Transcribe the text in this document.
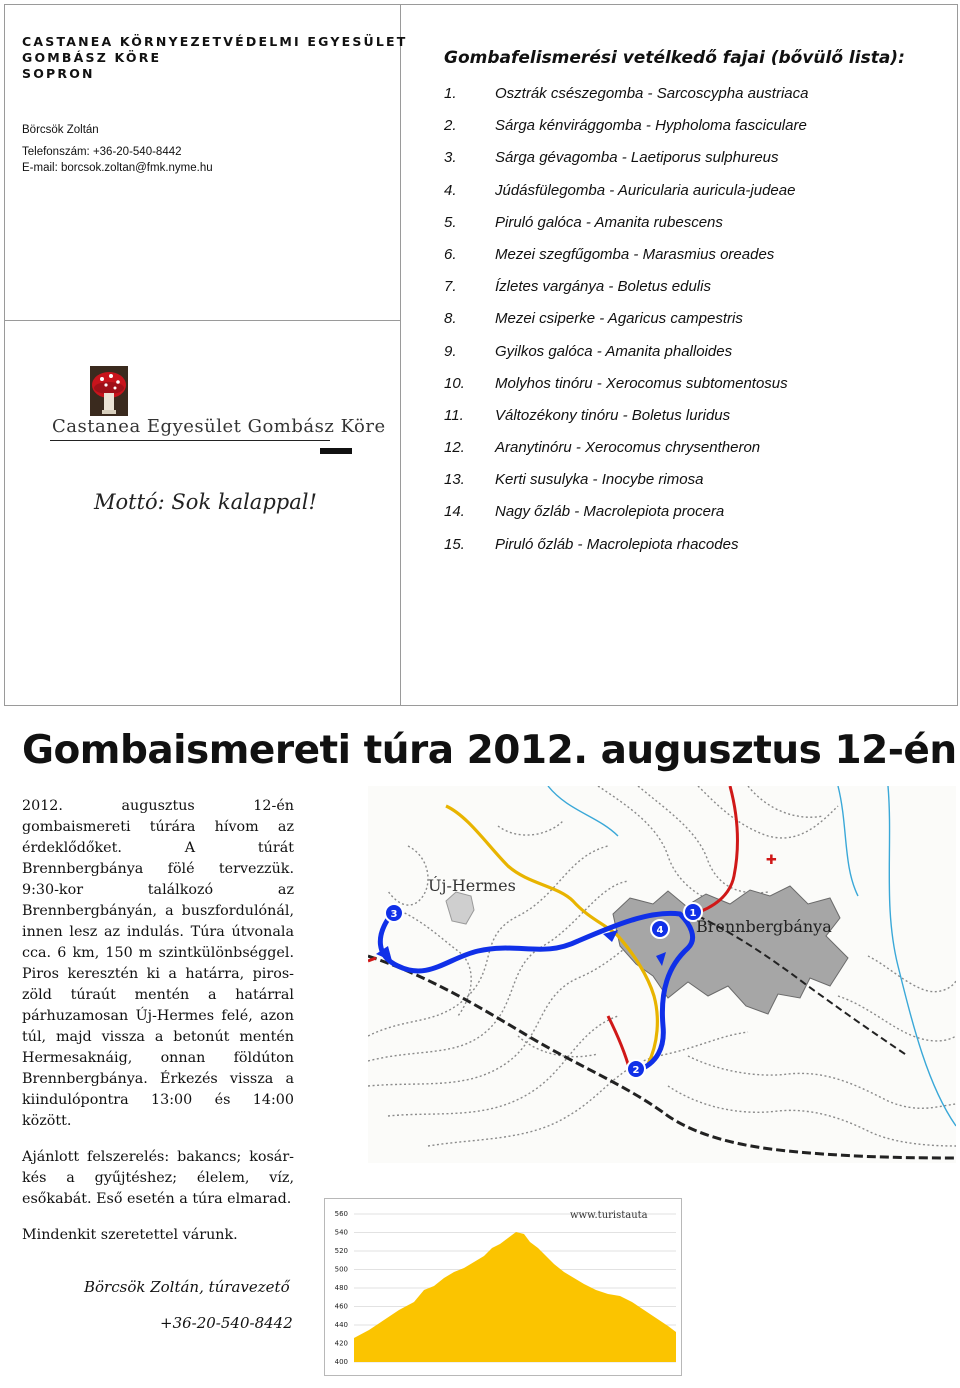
CASTANEA KÖRNYEZETVÉDELMI EGYESÜLET
GOMBÁSZ KÖRE
SOPRON
Börcsök Zoltán
Telefonszám: +36-20-540-8442
E-mail: borcsok.zoltan@fmk.nyme.hu
Castanea Egyesület Gombász Köre
Mottó: Sok kalappal!
Gombafelismerési vetélkedő fajai (bővülő lista):
1.	Osztrák csészegomba - Sarcoscypha austriaca
2.	Sárga kénvirággomba - Hypholoma fasciculare
3.	Sárga gévagomba - Laetiporus sulphureus
4.	Júdásfülegomba - Auricularia auricula-judeae
5.	Piruló galóca - Amanita rubescens
6.	Mezei szegfűgomba - Marasmius oreades
7.	Ízletes vargánya - Boletus edulis
8.	Mezei csiperke - Agaricus campestris
9.	Gyilkos galóca - Amanita phalloides
10.	Molyhos tinóru - Xerocomus subtomentosus
11.	Változékony tinóru - Boletus luridus
12.	Aranytinóru - Xerocomus chrysentheron
13.	Kerti susulyka - Inocybe rimosa
14.	Nagy őzláb - Macrolepiota procera
15.	Piruló őzláb - Macrolepiota rhacodes
Gombaismereti túra 2012. augusztus 12-én

2012. augusztus 12-én gombaismereti túrára hívom az érdeklődőket. A túrát Brennbergbánya fölé tervezzük. 9:30-kor találkozó az Brennbergbányán, a buszfordulónál, innen lesz az indulás. Túra útvonala cca. 6 km, 150 m szintkülönbséggel. Piros keresztén ki a határra, piros-zöld túraút mentén a határral párhuzamosan Új-Hermes felé, azon túl, majd vissza a betonút mentén Hermesaknáig, onnan földúton Brennbergbánya. Érkezés vissza a kiindulópontra 13:00 és 14:00 között.

Ajánlott felszerelés: bakancs; kosár-kés a gyűjtéshez; élelem, víz, esőkabát. Eső esetén a túra elmarad.

Mindenkit szeretettel várunk.

Börcsök Zoltán, túravezető
+36-20-540-8442
✚
1
2
3
4
Új-Hermes
Brennbergbánya
560
540
520
500
480
460
440
420
400
www.turistauta
